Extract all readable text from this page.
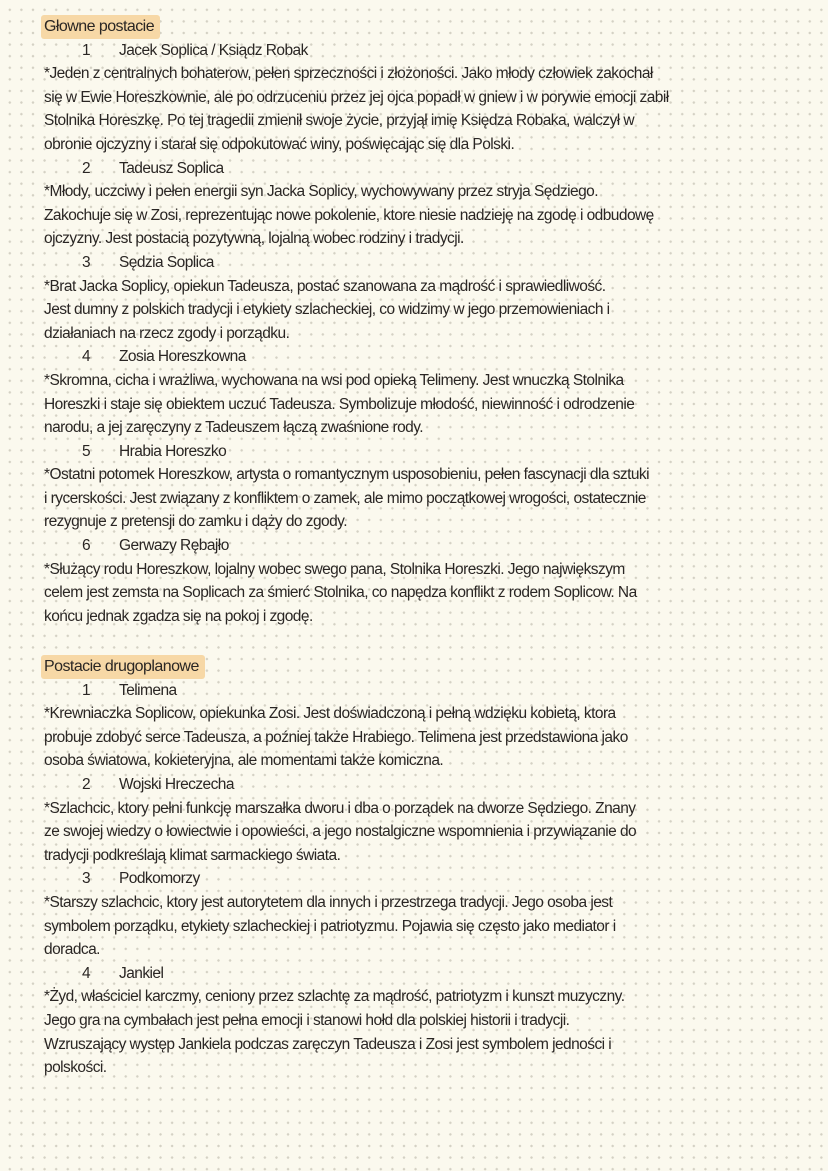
Głowne postacie
1 Jacek Soplica / Ksiądz Robak
*Jeden z centralnych bohaterow, pełen sprzeczności i złożoności. Jako młody człowiek zakochał
się w Ewie Horeszkownie, ale po odrzuceniu przez jej ojca popadł w gniew i w porywie emocji zabił
Stolnika Horeszkę. Po tej tragedii zmienił swoje życie, przyjął imię Księdza Robaka, walczył w
obronie ojczyzny i starał się odpokutować winy, poświęcając się dla Polski.
2 Tadeusz Soplica
*Młody, uczciwy i pełen energii syn Jacka Soplicy, wychowywany przez stryja Sędziego.
Zakochuje się w Zosi, reprezentując nowe pokolenie, ktore niesie nadzieję na zgodę i odbudowę
ojczyzny. Jest postacią pozytywną, lojalną wobec rodziny i tradycji.
3 Sędzia Soplica
*Brat Jacka Soplicy, opiekun Tadeusza, postać szanowana za mądrość i sprawiedliwość.
Jest dumny z polskich tradycji i etykiety szlacheckiej, co widzimy w jego przemowieniach i
działaniach na rzecz zgody i porządku.
4 Zosia Horeszkowna
*Skromna, cicha i wrażliwa, wychowana na wsi pod opieką Telimeny. Jest wnuczką Stolnika
Horeszki i staje się obiektem uczuć Tadeusza. Symbolizuje młodość, niewinność i odrodzenie
narodu, a jej zaręczyny z Tadeuszem łączą zwaśnione rody.
5 Hrabia Horeszko
*Ostatni potomek Horeszkow, artysta o romantycznym usposobieniu, pełen fascynacji dla sztuki
i rycerskości. Jest związany z konfliktem o zamek, ale mimo początkowej wrogości, ostatecznie
rezygnuje z pretensji do zamku i dąży do zgody.
6 Gerwazy Rębajło
*Służący rodu Horeszkow, lojalny wobec swego pana, Stolnika Horeszki. Jego największym
celem jest zemsta na Soplicach za śmierć Stolnika, co napędza konflikt z rodem Soplicow. Na
końcu jednak zgadza się na pokoj i zgodę.
Postacie drugoplanowe
1 Telimena
*Krewniaczka Soplicow, opiekunka Zosi. Jest doświadczoną i pełną wdzięku kobietą, ktora
probuje zdobyć serce Tadeusza, a poźniej także Hrabiego. Telimena jest przedstawiona jako
osoba światowa, kokieteryjna, ale momentami także komiczna.
2 Wojski Hreczecha
*Szlachcic, ktory pełni funkcję marszałka dworu i dba o porządek na dworze Sędziego. Znany
ze swojej wiedzy o łowiectwie i opowieści, a jego nostalgiczne wspomnienia i przywiązanie do
tradycji podkreślają klimat sarmackiego świata.
3 Podkomorzy
*Starszy szlachcic, ktory jest autorytetem dla innych i przestrzega tradycji. Jego osoba jest
symbolem porządku, etykiety szlacheckiej i patriotyzmu. Pojawia się często jako mediator i
doradca.
4 Jankiel
*Żyd, właściciel karczmy, ceniony przez szlachtę za mądrość, patriotyzm i kunszt muzyczny.
Jego gra na cymbałach jest pełna emocji i stanowi hołd dla polskiej historii i tradycji.
Wzruszający występ Jankiela podczas zaręczyn Tadeusza i Zosi jest symbolem jedności i
polskości.
